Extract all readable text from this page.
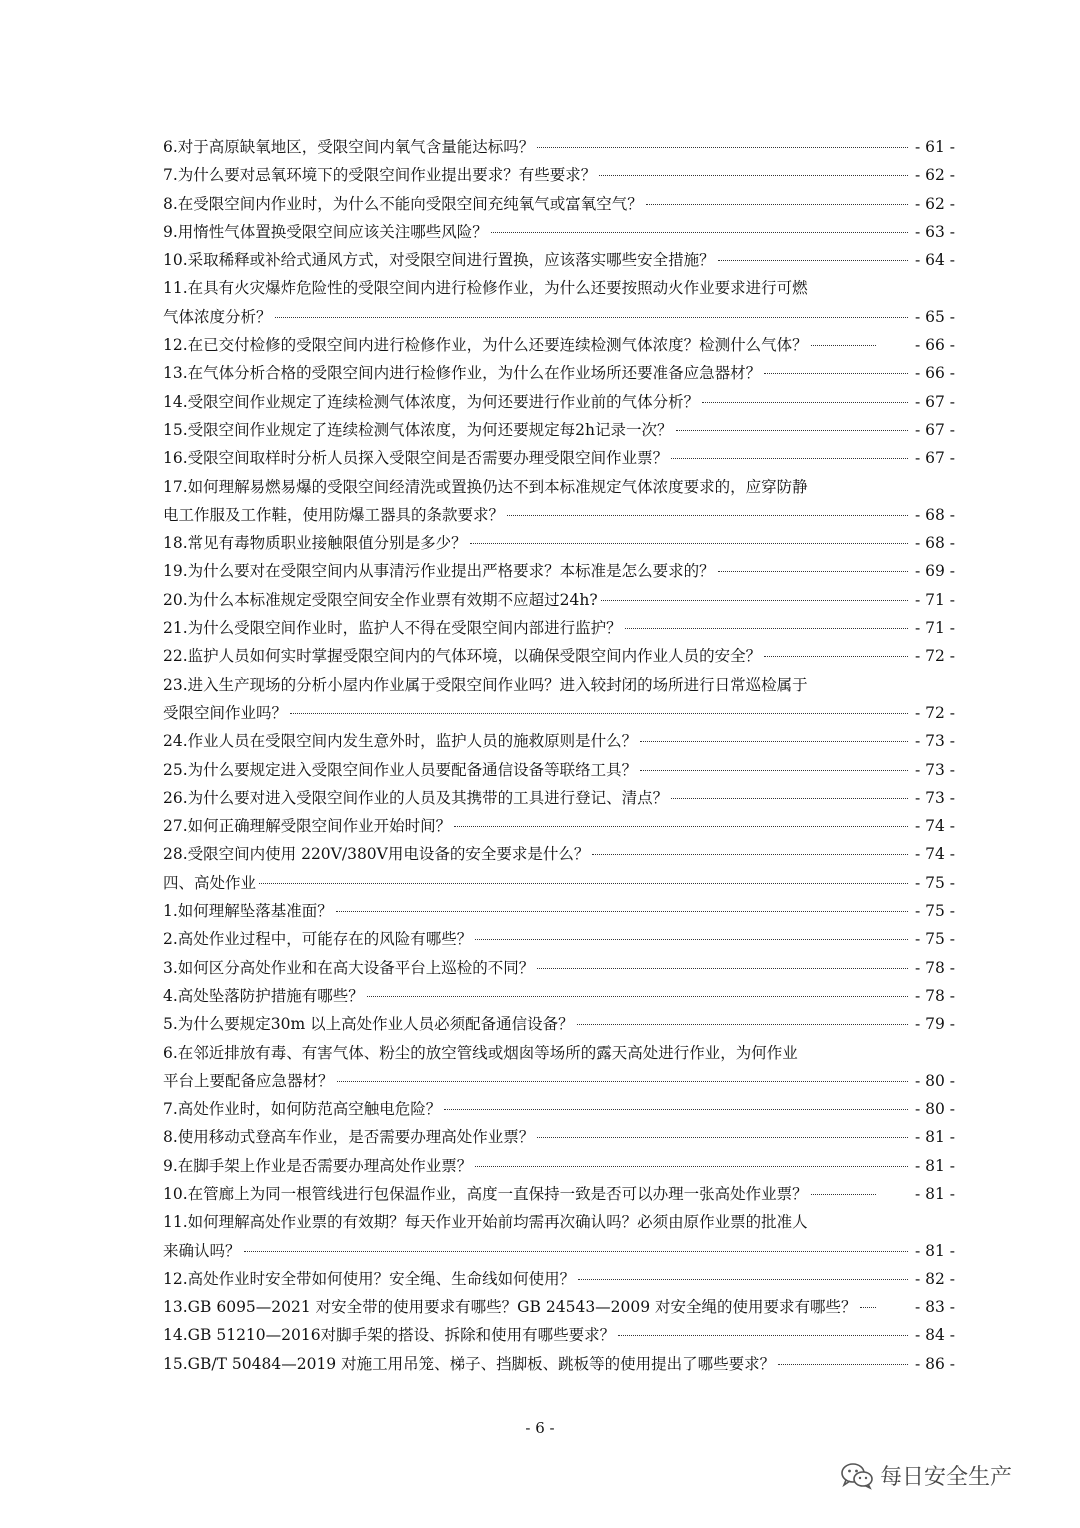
6.对于高原缺氧地区，受限空间内氧气含量能达标吗？	- 61 -
7.为什么要对忌氧环境下的受限空间作业提出要求？有些要求？	- 62 -
8.在受限空间内作业时，为什么不能向受限空间充纯氧气或富氧空气？	- 62 -
9.用惰性气体置换受限空间应该关注哪些风险？	- 63 -
10.采取稀释或补给式通风方式，对受限空间进行置换，应该落实哪些安全措施？	- 64 -
11.在具有火灾爆炸危险性的受限空间内进行检修作业，为什么还要按照动火作业要求进行可燃
气体浓度分析？	- 65 -
12.在已交付检修的受限空间内进行检修作业，为什么还要连续检测气体浓度？检测什么气体？	- 66 -
13.在气体分析合格的受限空间内进行检修作业，为什么在作业场所还要准备应急器材？	- 66 -
14.受限空间作业规定了连续检测气体浓度，为何还要进行作业前的气体分析？	- 67 -
15.受限空间作业规定了连续检测气体浓度，为何还要规定每2h记录一次？	- 67 -
16.受限空间取样时分析人员探入受限空间是否需要办理受限空间作业票？	- 67 -
17.如何理解易燃易爆的受限空间经清洗或置换仍达不到本标准规定气体浓度要求的，应穿防静
电工作服及工作鞋，使用防爆工器具的条款要求？	- 68 -
18.常见有毒物质职业接触限值分别是多少？	- 68 -
19.为什么要对在受限空间内从事清污作业提出严格要求？本标准是怎么要求的？	- 69 -
20.为什么本标准规定受限空间安全作业票有效期不应超过24h?	- 71 -
21.为什么受限空间作业时，监护人不得在受限空间内部进行监护？	- 71 -
22.监护人员如何实时掌握受限空间内的气体环境，以确保受限空间内作业人员的安全？	- 72 -
23.进入生产现场的分析小屋内作业属于受限空间作业吗？进入较封闭的场所进行日常巡检属于
受限空间作业吗？	- 72 -
24.作业人员在受限空间内发生意外时，监护人员的施救原则是什么？	- 73 -
25.为什么要规定进入受限空间作业人员要配备通信设备等联络工具？	- 73 -
26.为什么要对进入受限空间作业的人员及其携带的工具进行登记、清点？	- 73 -
27.如何正确理解受限空间作业开始时间？	- 74 -
28.受限空间内使用 220V/380V用电设备的安全要求是什么？	- 74 -
四、高处作业	- 75 -
1.如何理解坠落基准面？	- 75 -
2.高处作业过程中，可能存在的风险有哪些？	- 75 -
3.如何区分高处作业和在高大设备平台上巡检的不同？	- 78 -
4.高处坠落防护措施有哪些？	- 78 -
5.为什么要规定30m 以上高处作业人员必须配备通信设备？	- 79 -
6.在邻近排放有毒、有害气体、粉尘的放空管线或烟囱等场所的露天高处进行作业，为何作业
平台上要配备应急器材？	- 80 -
7.高处作业时，如何防范高空触电危险？	- 80 -
8.使用移动式登高车作业，是否需要办理高处作业票？	- 81 -
9.在脚手架上作业是否需要办理高处作业票？	- 81 -
10.在管廊上为同一根管线进行包保温作业，高度一直保持一致是否可以办理一张高处作业票？	- 81 -
11.如何理解高处作业票的有效期？每天作业开始前均需再次确认吗？必须由原作业票的批准人
来确认吗？	- 81 -
12.高处作业时安全带如何使用？安全绳、生命线如何使用？	- 82 -
13.GB 6095—2021 对安全带的使用要求有哪些？GB 24543—2009 对安全绳的使用要求有哪些？	- 83 -
14.GB 51210—2016对脚手架的搭设、拆除和使用有哪些要求？	- 84 -
15.GB/T 50484—2019 对施工用吊笼、梯子、挡脚板、跳板等的使用提出了哪些要求？	- 86 -
- 6 -
每日安全生产
